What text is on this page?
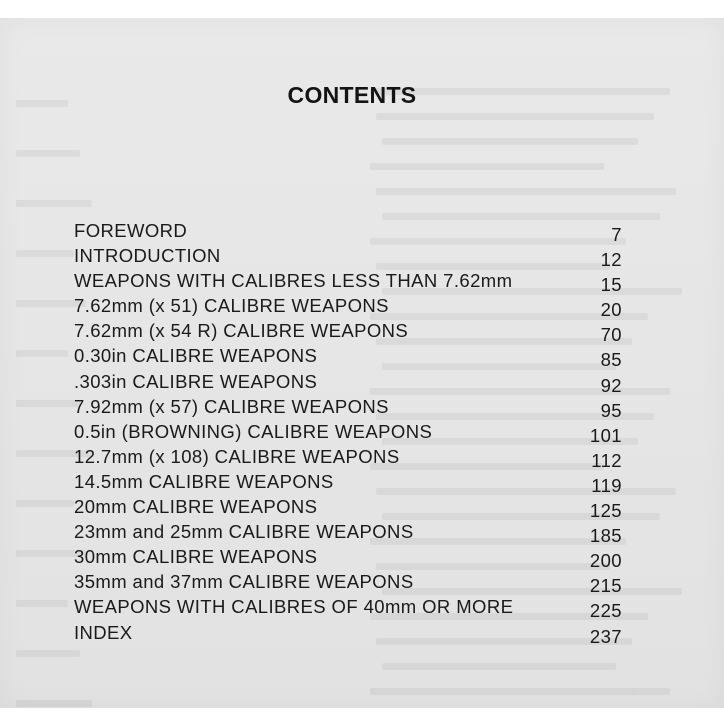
CONTENTS
FOREWORD	7
INTRODUCTION	12
WEAPONS WITH CALIBRES LESS THAN 7.62mm	15
7.62mm (x 51) CALIBRE WEAPONS	20
7.62mm (x 54 R) CALIBRE WEAPONS	70
0.30in CALIBRE WEAPONS	85
.303in CALIBRE WEAPONS	92
7.92mm (x 57) CALIBRE WEAPONS	95
0.5in (BROWNING) CALIBRE WEAPONS	101
12.7mm (x 108) CALIBRE WEAPONS	112
14.5mm CALIBRE WEAPONS	119
20mm CALIBRE WEAPONS	125
23mm and 25mm CALIBRE WEAPONS	185
30mm CALIBRE WEAPONS	200
35mm and 37mm CALIBRE WEAPONS	215
WEAPONS WITH CALIBRES OF 40mm OR MORE	225
INDEX	237
